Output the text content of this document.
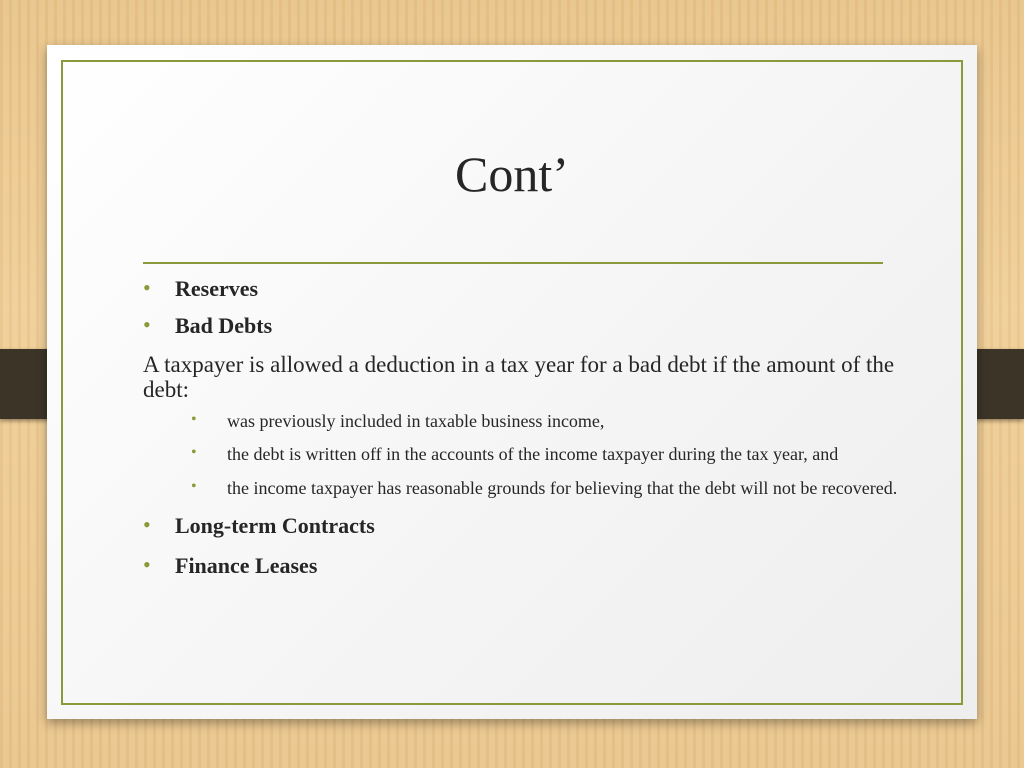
Cont’
• Reserves
• Bad Debts
A taxpayer is allowed a deduction in a tax year for a bad debt if the amount of the debt:
• was previously included in taxable business income,
• the debt is written off in the accounts of the income taxpayer during the tax year, and
• the income taxpayer has reasonable grounds for believing that the debt will not be recovered.
• Long-term Contracts
• Finance Leases
